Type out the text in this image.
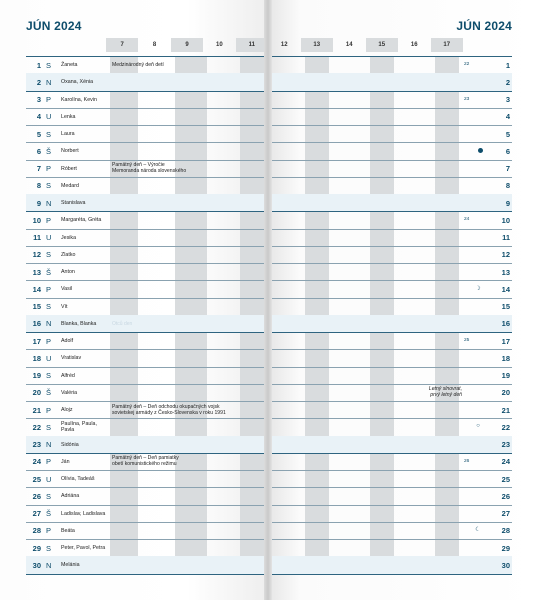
JÚN 2024
7	8	9	10	11
1 S Žaneta	Medzinárodný deň detí
2 N Oxana, Xénia
3 P Karolína, Kevin
4 U Lenka
5 S Laura
6 Š Norbert
7 P Róbert
Pamätný deň – Výročie
Memoranda národa slovenského
8 S Medard
9 N Stanislava
10 P Margaréta, Gréta
11 U Jesika
12 S Zlatko
13 Š Anton
14 P Vasil
15 S Vít
16 N Blanka, Blanka	Otců den
17 P Adolf
18 U Vratislav
19 S Alfréd
20 Š Valéria
21 P Alojz
Pamätný deň – Deň odchodu okupačných vojsk
sovietskej armády z Česko-Slovenska v roku 1991
22 S Paulína, Paula,
Pavla
23 N Sidónia
24 P Ján
Pamätný deň – Deň pamiatky
obetí komunistického režimu
25 U Olívia, Tadeáš
26 S Adriána
27 Š Ladislav, Ladislava
28 P Beáta
29 S Peter, Pavol, Petra
30 N Melánia
JÚN 2024
12	13	14	15	16	17
22	1
2
23	3
4
5
6
7
8
9
24	10
11
12
13
☽	14
15
16
25	17
18
19
Letný slnovrat,
prvý letný deň	20
21
○	22
23
26	24
25
26
27
☾	28
29
30
